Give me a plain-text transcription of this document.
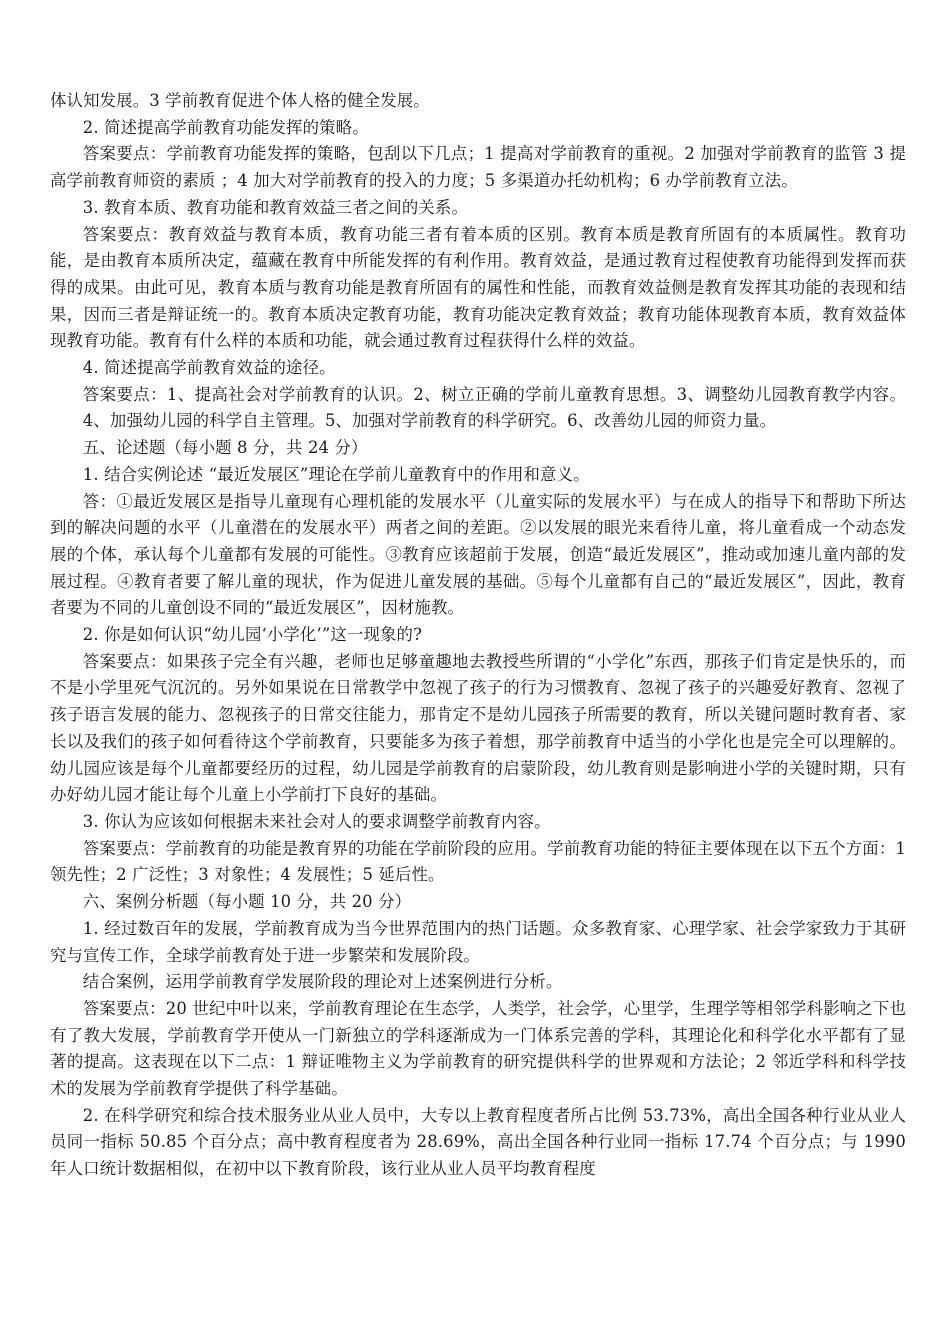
体认知发展。3 学前教育促进个体人格的健全发展。

2. 简述提高学前教育功能发挥的策略。

答案要点：学前教育功能发挥的策略，包刮以下几点；1 提高对学前教育的重视。2 加强对学前教育的监管 3 提高学前教育师资的素质 ；4 加大对学前教育的投入的力度；5 多渠道办托幼机构；6 办学前教育立法。

3. 教育本质、教育功能和教育效益三者之间的关系。

答案要点：教育效益与教育本质，教育功能三者有着本质的区别。教育本质是教育所固有的本质属性。教育功能，是由教育本质所决定，蕴藏在教育中所能发挥的有利作用。教育效益，是通过教育过程使教育功能得到发挥而获得的成果。由此可见，教育本质与教育功能是教育所固有的属性和性能，而教育效益侧是教育发挥其功能的表现和结果，因而三者是辩证统一的。教育本质决定教育功能，教育功能决定教育效益；教育功能体现教育本质，教育效益体现教育功能。教育有什么样的本质和功能，就会通过教育过程获得什么样的效益。

4. 简述提高学前教育效益的途径。

答案要点：1、提高社会对学前教育的认识。2、树立正确的学前儿童教育思想。3、调整幼儿园教育教学内容。4、加强幼儿园的科学自主管理。5、加强对学前教育的科学研究。6、改善幼儿园的师资力量。

五、论述题（每小题 8 分，共 24 分）

1. 结合实例论述 “最近发展区”理论在学前儿童教育中的作用和意义。

答：①最近发展区是指导儿童现有心理机能的发展水平（儿童实际的发展水平）与在成人的指导下和帮助下所达到的解决问题的水平（儿童潜在的发展水平）两者之间的差距。②以发展的眼光来看待儿童，将儿童看成一个动态发展的个体，承认每个儿童都有发展的可能性。③教育应该超前于发展，创造“最近发展区”，推动或加速儿童内部的发展过程。④教育者要了解儿童的现状，作为促进儿童发展的基础。⑤每个儿童都有自己的“最近发展区”，因此，教育者要为不同的儿童创设不同的“最近发展区”，因材施教。

2. 你是如何认识“幼儿园‘小学化’”这一现象的?

答案要点：如果孩子完全有兴趣，老师也足够童趣地去教授些所谓的“小学化”东西，那孩子们肯定是快乐的，而不是小学里死气沉沉的。另外如果说在日常教学中忽视了孩子的行为习惯教育、忽视了孩子的兴趣爱好教育、忽视了孩子语言发展的能力、忽视孩子的日常交往能力，那肯定不是幼儿园孩子所需要的教育，所以关键问题时教育者、家长以及我们的孩子如何看待这个学前教育，只要能多为孩子着想，那学前教育中适当的小学化也是完全可以理解的。幼儿园应该是每个儿童都要经历的过程，幼儿园是学前教育的启蒙阶段，幼儿教育则是影响进小学的关键时期，只有办好幼儿园才能让每个儿童上小学前打下良好的基础。

3. 你认为应该如何根据未来社会对人的要求调整学前教育内容。

答案要点：学前教育的功能是教育界的功能在学前阶段的应用。学前教育功能的特征主要体现在以下五个方面：1 领先性；2 广泛性；3 对象性；4 发展性；5 延后性。

六、案例分析题（每小题 10 分，共 20 分）

1. 经过数百年的发展，学前教育成为当今世界范围内的热门话题。众多教育家、心理学家、社会学家致力于其研究与宣传工作，全球学前教育处于进一步繁荣和发展阶段。

结合案例，运用学前教育学发展阶段的理论对上述案例进行分析。

答案要点：20 世纪中叶以来，学前教育理论在生态学，人类学，社会学，心里学，生理学等相邻学科影响之下也有了教大发展，学前教育学开使从一门新独立的学科逐渐成为一门体系完善的学科，其理论化和科学化水平都有了显著的提高。这表现在以下二点：1 辩证唯物主义为学前教育的研究提供科学的世界观和方法论；2 邻近学科和科学技术的发展为学前教育学提供了科学基础。

2. 在科学研究和综合技术服务业从业人员中，大专以上教育程度者所占比例 53.73%，高出全国各种行业从业人员同一指标 50.85 个百分点；高中教育程度者为 28.69%，高出全国各种行业同一指标 17.74 个百分点；与 1990 年人口统计数据相似，在初中以下教育阶段，该行业从业人员平均教育程度
